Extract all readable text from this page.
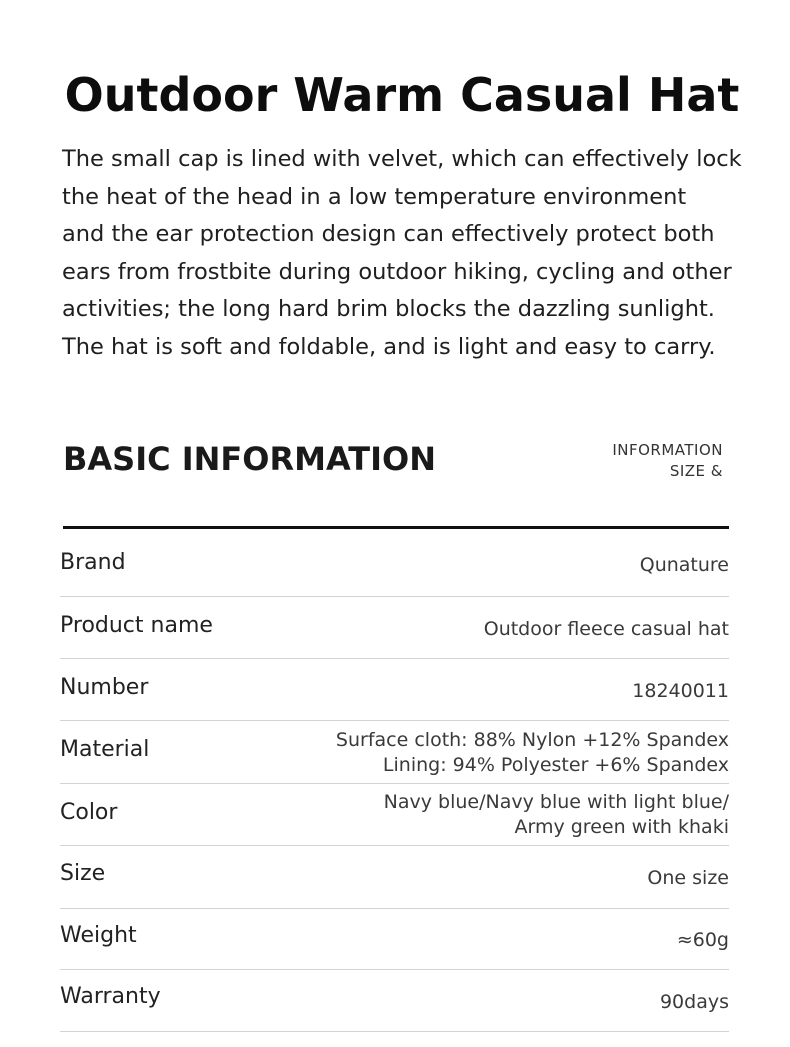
Outdoor Warm Casual Hat
The small cap is lined with velvet, which can effectively lock
the heat of the head in a low temperature environment
and the ear protection design can effectively protect both
ears from frostbite during outdoor hiking, cycling and other
activities; the long hard brim blocks the dazzling sunlight.
The hat is soft and foldable, and is light and easy to carry.
BASIC INFORMATION	INFORMATION
SIZE &
Brand	Qunature
Product name	Outdoor fleece casual hat
Number	18240011
Material	Surface cloth: 88% Nylon +12% Spandex
Lining: 94% Polyester +6% Spandex
Color	Navy blue/Navy blue with light blue/
Army green with khaki
Size	One size
Weight	≈60g
Warranty	90days
